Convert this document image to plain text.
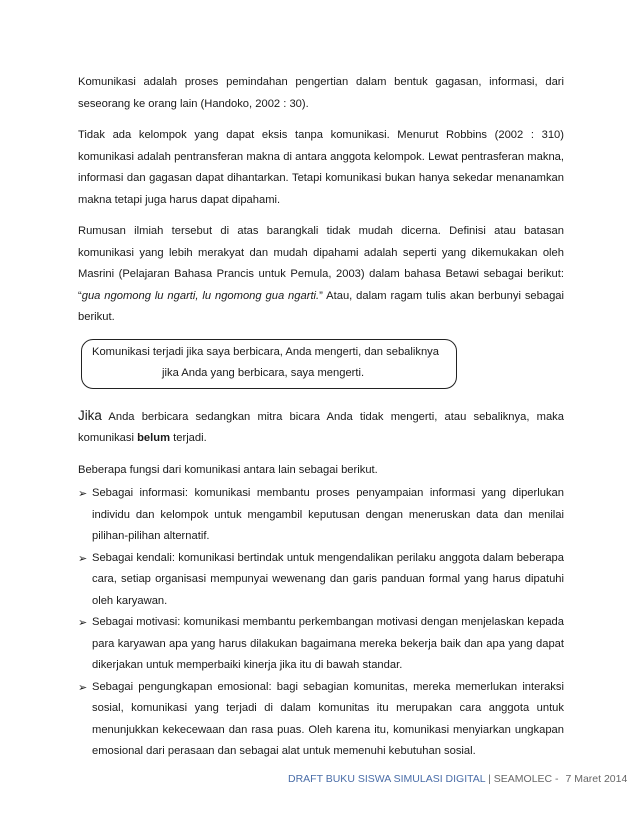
Komunikasi adalah proses pemindahan pengertian dalam bentuk gagasan, informasi, dari seseorang ke orang lain (Handoko, 2002 : 30).

Tidak ada kelompok yang dapat eksis tanpa komunikasi. Menurut Robbins (2002 : 310) komunikasi adalah pentransferan makna di antara anggota kelompok. Lewat pentrasferan makna, informasi dan gagasan dapat dihantarkan. Tetapi komunikasi bukan hanya sekedar menanamkan makna tetapi juga harus dapat dipahami.

Rumusan ilmiah tersebut di atas barangkali tidak mudah dicerna. Definisi atau batasan komunikasi yang lebih merakyat dan mudah dipahami adalah seperti yang dikemukakan oleh Masrini (Pelajaran Bahasa Prancis untuk Pemula, 2003) dalam bahasa Betawi sebagai berikut: “gua ngomong lu ngarti, lu ngomong gua ngarti.” Atau, dalam ragam tulis akan berbunyi sebagai berikut.

Komunikasi terjadi jika saya berbicara, Anda mengerti, dan sebaliknya
jika Anda yang berbicara, saya mengerti.

Jika Anda berbicara sedangkan mitra bicara Anda tidak mengerti, atau sebaliknya, maka komunikasi belum terjadi.

Beberapa fungsi dari komunikasi antara lain sebagai berikut.

➢ Sebagai informasi: komunikasi membantu proses penyampaian informasi yang diperlukan individu dan kelompok untuk mengambil keputusan dengan meneruskan data dan menilai pilihan-pilihan alternatif.

➢ Sebagai kendali: komunikasi bertindak untuk mengendalikan perilaku anggota dalam beberapa cara, setiap organisasi mempunyai wewenang dan garis panduan formal yang harus dipatuhi oleh karyawan.

➢ Sebagai motivasi: komunikasi membantu perkembangan motivasi dengan menjelaskan kepada para karyawan apa yang harus dilakukan bagaimana mereka bekerja baik dan apa yang dapat dikerjakan untuk memperbaiki kinerja jika itu di bawah standar.

➢ Sebagai pengungkapan emosional: bagi sebagian komunitas, mereka memerlukan interaksi sosial, komunikasi yang terjadi di dalam komunitas itu merupakan cara anggota untuk menunjukkan kekecewaan dan rasa puas. Oleh karena itu, komunikasi menyiarkan ungkapan emosional dari perasaan dan sebagai alat untuk memenuhi kebutuhan sosial.

DRAFT BUKU SISWA SIMULASI DIGITAL | SEAMOLEC - 7 Maret 2014
